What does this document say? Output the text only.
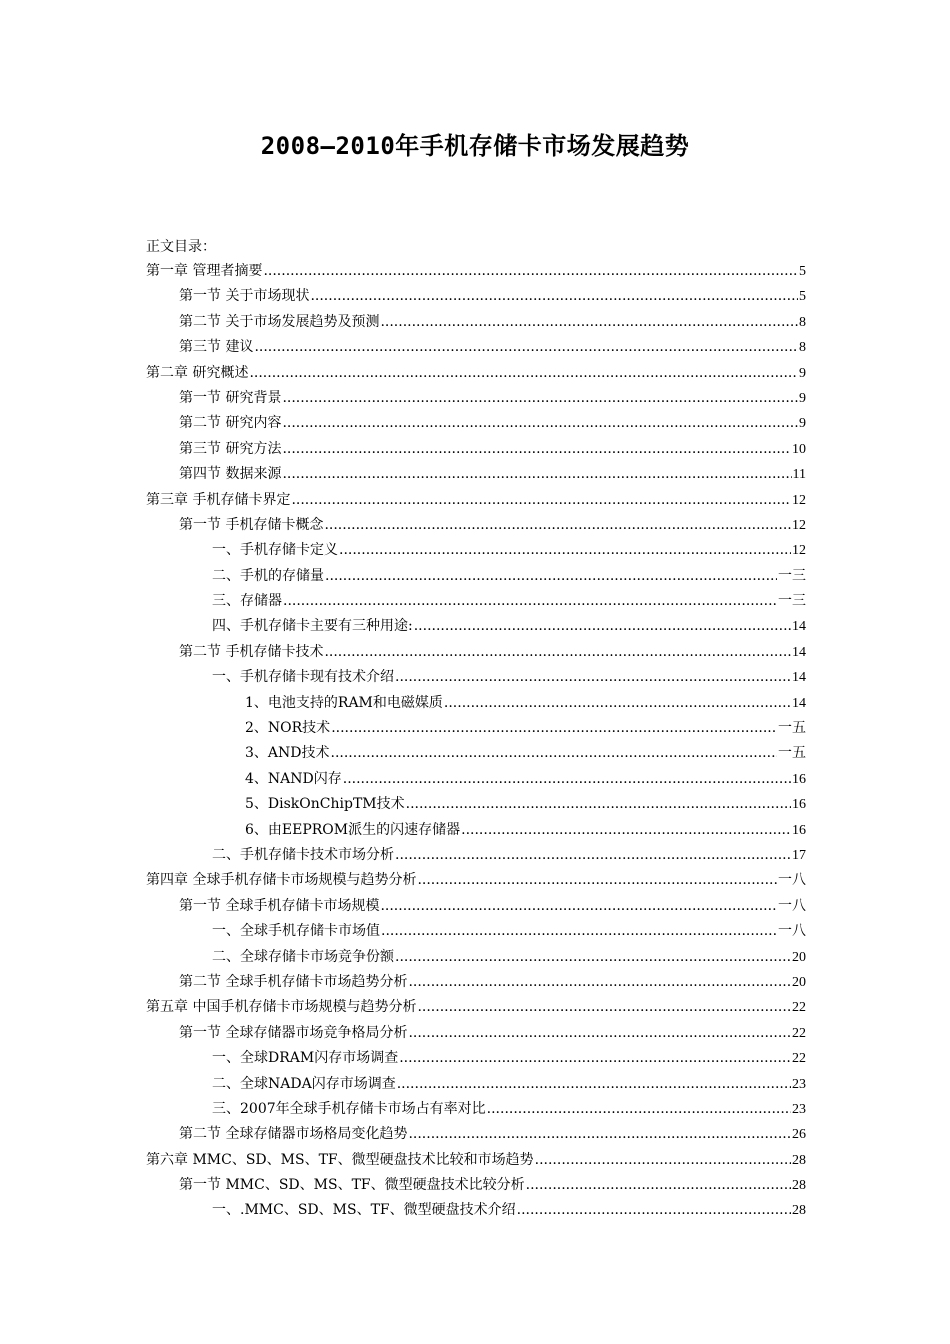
2008—2010年手机存储卡市场发展趋势
正文目录：
第一章 管理者摘要 .....	5
第一节 关于市场现状 .....	5
第二节 关于市场发展趋势及预测 .....	8
第三节 建议 .....	8
第二章 研究概述 .....	9
第一节 研究背景 .....	9
第二节 研究内容 .....	9
第三节 研究方法 .....	10
第四节 数据来源 .....	11
第三章 手机存储卡界定 .....	12
第一节 手机存储卡概念 .....	12
一、手机存储卡定义 .....	12
二、手机的存储量 .....	一三
三、存储器 .....	一三
四、手机存储卡主要有三种用途: .....	14
第二节 手机存储卡技术 .....	14
一、手机存储卡现有技术介绍 .....	14
1、电池支持的RAM和电磁媒质 .....	14
2、NOR技术 .....	一五
3、AND技术 .....	一五
4、NAND闪存 .....	16
5、DiskOnChipTM技术 .....	16
6、由EEPROM派生的闪速存储器 .....	16
二、手机存储卡技术市场分析 .....	17
第四章 全球手机存储卡市场规模与趋势分析 .....	一八
第一节 全球手机存储卡市场规模 .....	一八
一、全球手机存储卡市场值 .....	一八
二、全球存储卡市场竞争份额 .....	20
第二节 全球手机存储卡市场趋势分析 .....	20
第五章 中国手机存储卡市场规模与趋势分析 .....	22
第一节 全球存储器市场竞争格局分析 .....	22
一、全球DRAM闪存市场调查 .....	22
二、全球NADA闪存市场调查 .....	23
三、2007年全球手机存储卡市场占有率对比 .....	23
第二节 全球存储器市场格局变化趋势 .....	26
第六章 MMC、SD、MS、TF、微型硬盘技术比较和市场趋势 .....	28
第一节 MMC、SD、MS、TF、微型硬盘技术比较分析 .....	28
一、.MMC、SD、MS、TF、微型硬盘技术介绍 .....	28
